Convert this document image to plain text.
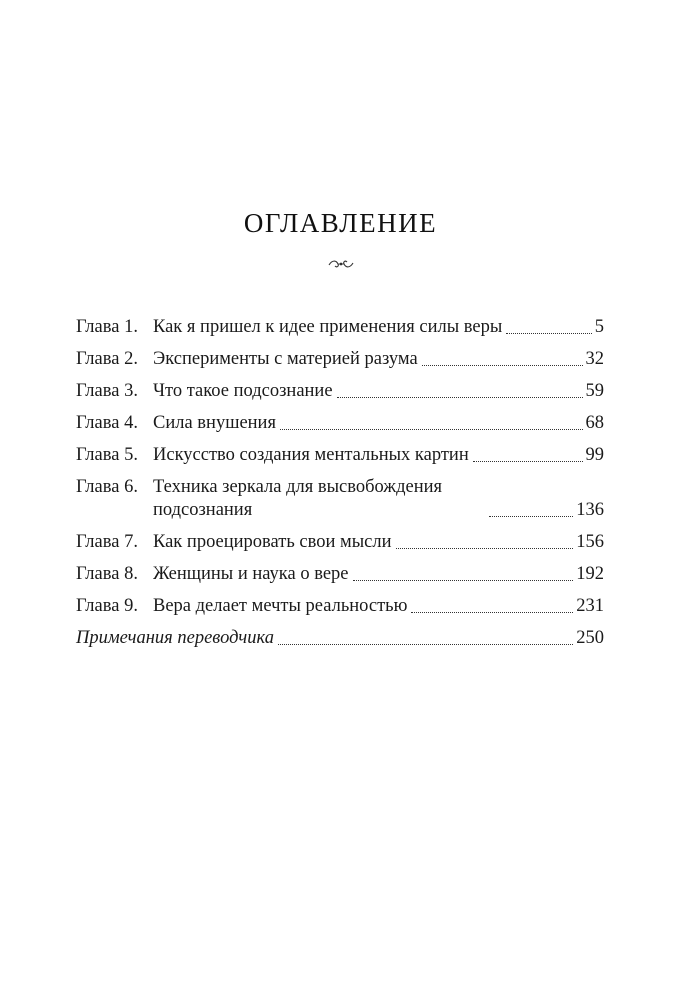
ОГЛАВЛЕНИЕ
Глава 1. Как я пришел к идее применения силы веры	5
Глава 2. Эксперименты с материей разума	32
Глава 3. Что такое подсознание	59
Глава 4. Сила внушения	68
Глава 5. Искусство создания ментальных картин	99
Глава 6. Техника зеркала для высвобождения подсознания	136
Глава 7. Как проецировать свои мысли	156
Глава 8. Женщины и наука о вере	192
Глава 9. Вера делает мечты реальностью	231
Примечания переводчика	250
